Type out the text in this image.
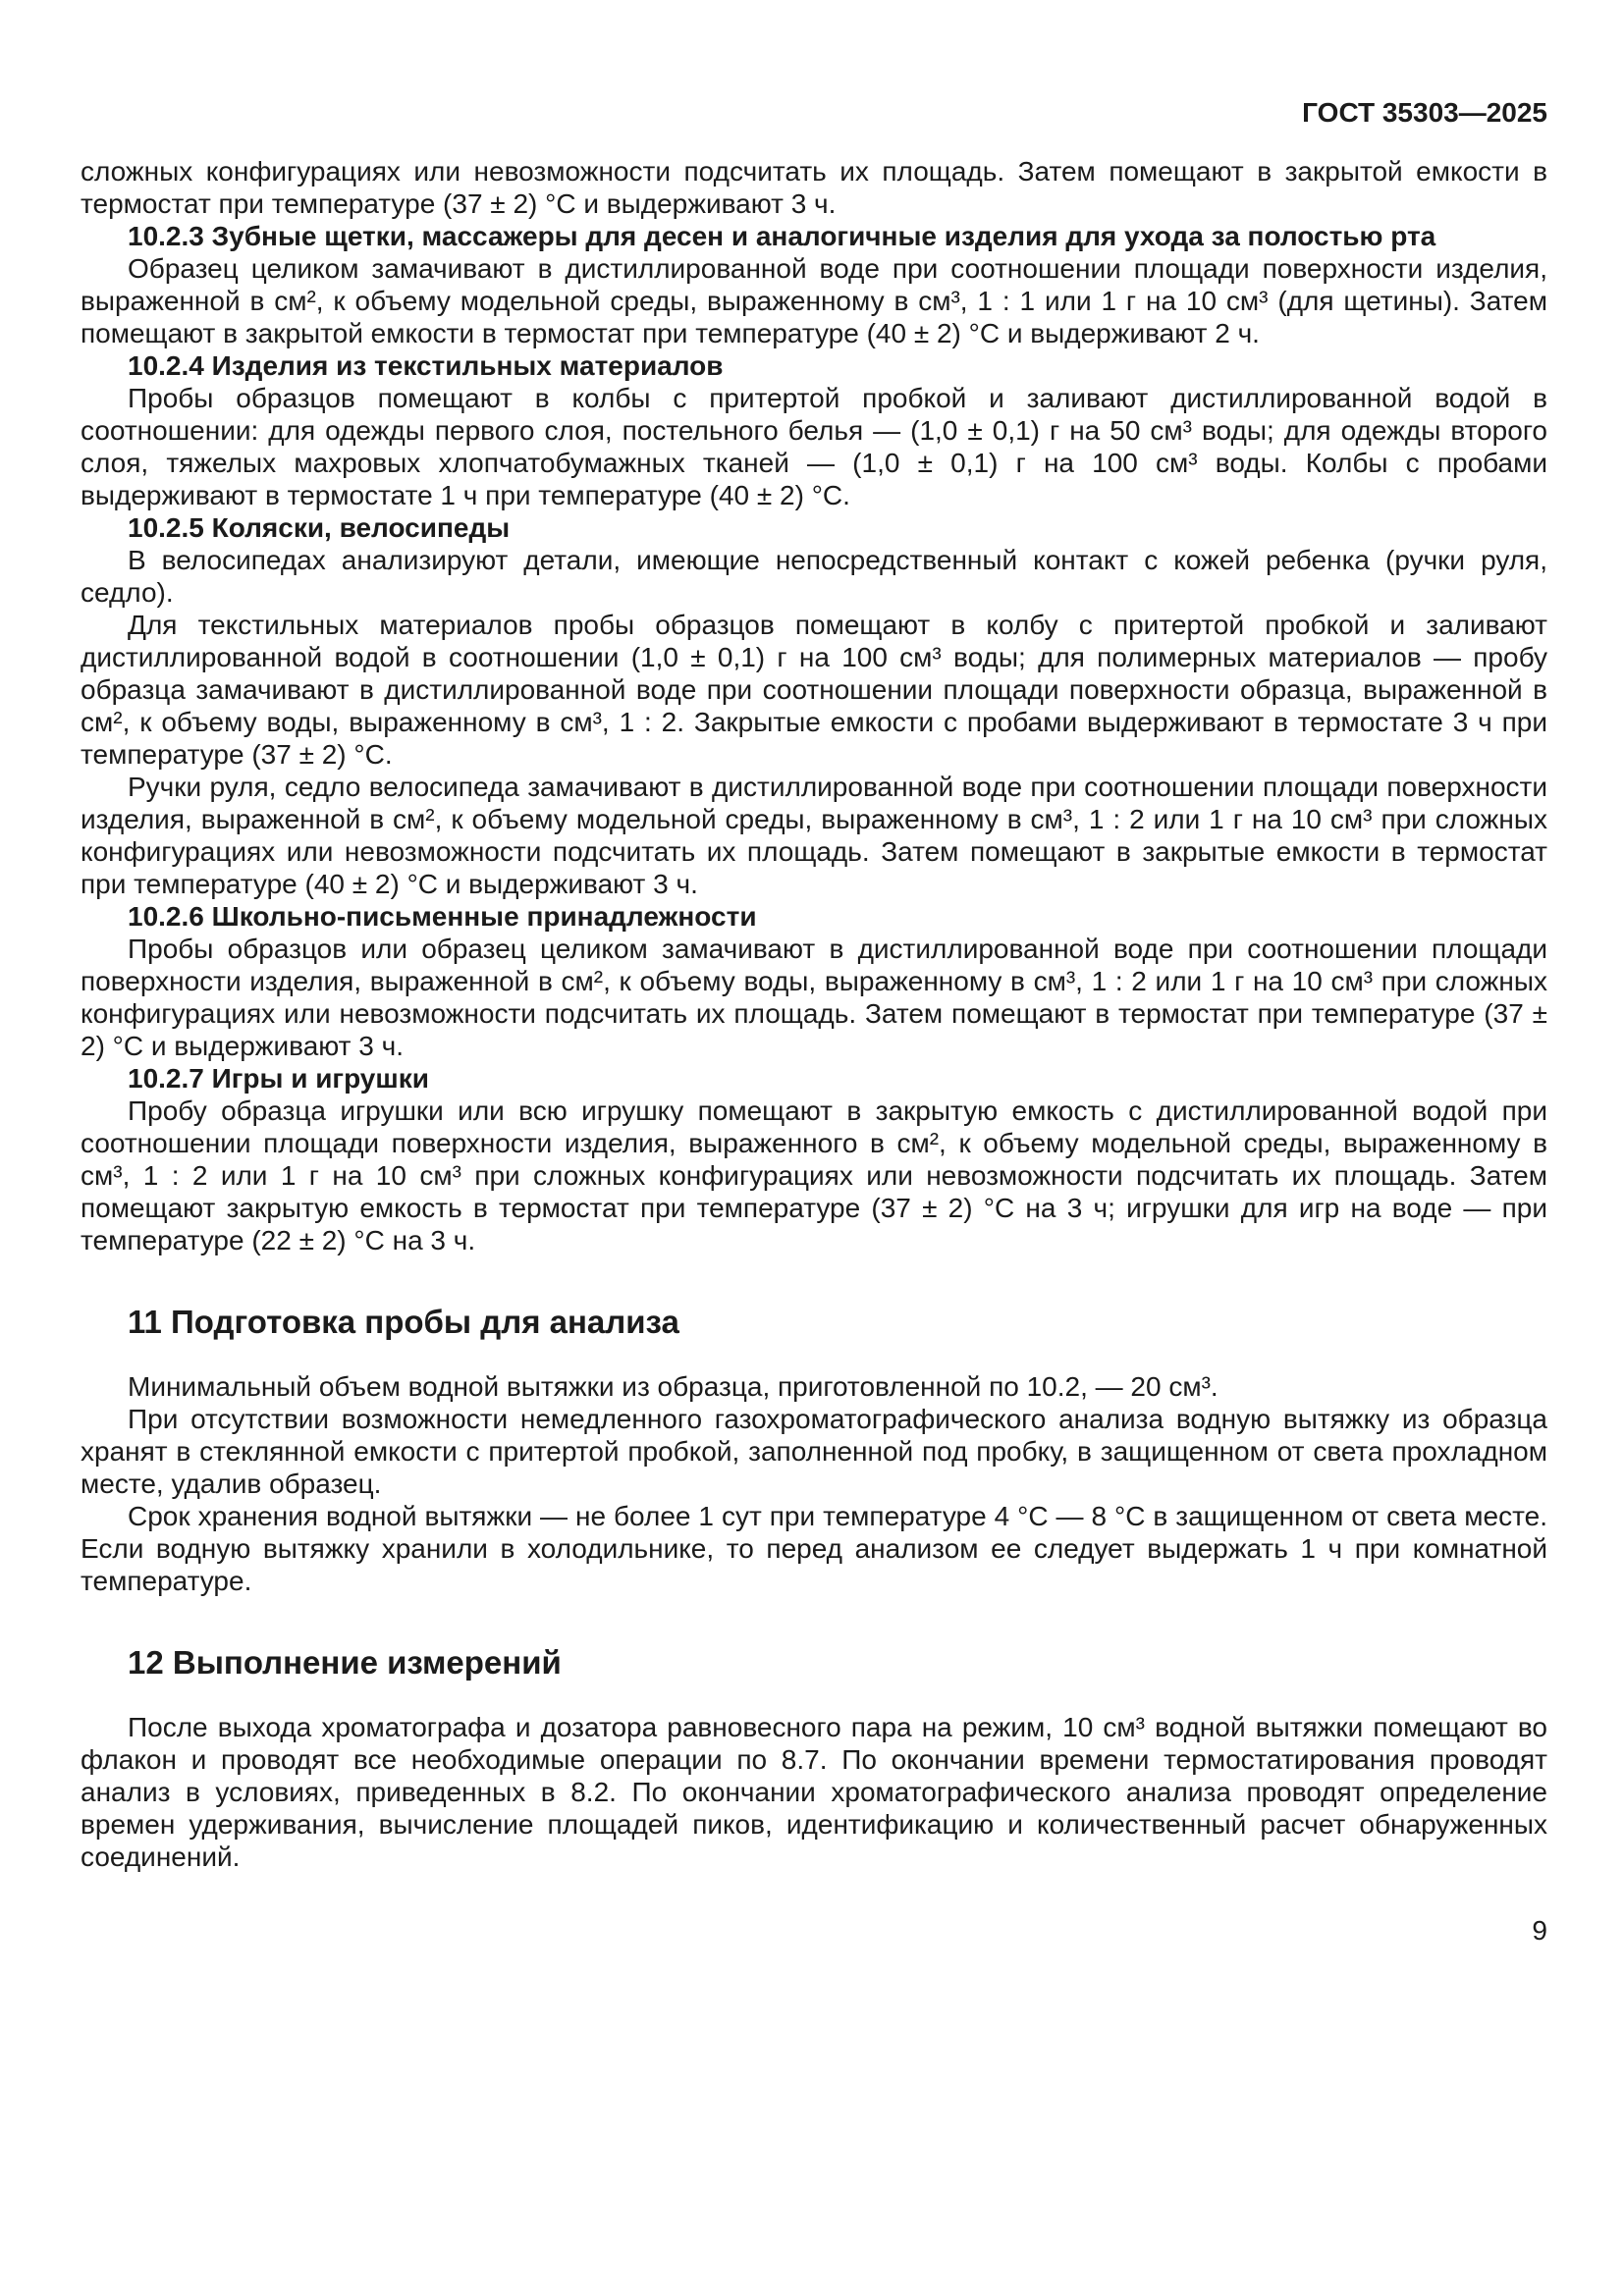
ГОСТ 35303—2025

сложных конфигурациях или невозможности подсчитать их площадь. Затем помещают в закрытой емкости в термостат при температуре (37 ± 2) °С и выдерживают 3 ч.

10.2.3 Зубные щетки, массажеры для десен и аналогичные изделия для ухода за полостью рта

Образец целиком замачивают в дистиллированной воде при соотношении площади поверхности изделия, выраженной в см², к объему модельной среды, выраженному в см³, 1 : 1 или 1 г на 10 см³ (для щетины). Затем помещают в закрытой емкости в термостат при температуре (40 ± 2) °С и выдерживают 2 ч.

10.2.4 Изделия из текстильных материалов

Пробы образцов помещают в колбы с притертой пробкой и заливают дистиллированной водой в соотношении: для одежды первого слоя, постельного белья — (1,0 ± 0,1) г на 50 см³ воды; для одежды второго слоя, тяжелых махровых хлопчатобумажных тканей — (1,0 ± 0,1) г на 100 см³ воды. Колбы с пробами выдерживают в термостате 1 ч при температуре (40 ± 2) °С.

10.2.5 Коляски, велосипеды

В велосипедах анализируют детали, имеющие непосредственный контакт с кожей ребенка (ручки руля, седло).

Для текстильных материалов пробы образцов помещают в колбу с притертой пробкой и заливают дистиллированной водой в соотношении (1,0 ± 0,1) г на 100 см³ воды; для полимерных материалов — пробу образца замачивают в дистиллированной воде при соотношении площади поверхности образца, выраженной в см², к объему воды, выраженному в см³, 1 : 2. Закрытые емкости с пробами выдерживают в термостате 3 ч при температуре (37 ± 2) °С.

Ручки руля, седло велосипеда замачивают в дистиллированной воде при соотношении площади поверхности изделия, выраженной в см², к объему модельной среды, выраженному в см³, 1 : 2 или 1 г на 10 см³ при сложных конфигурациях или невозможности подсчитать их площадь. Затем помещают в закрытые емкости в термостат при температуре (40 ± 2) °С и выдерживают 3 ч.

10.2.6 Школьно-письменные принадлежности

Пробы образцов или образец целиком замачивают в дистиллированной воде при соотношении площади поверхности изделия, выраженной в см², к объему воды, выраженному в см³, 1 : 2 или 1 г на 10 см³ при сложных конфигурациях или невозможности подсчитать их площадь. Затем помещают в термостат при температуре (37 ± 2) °С и выдерживают 3 ч.

10.2.7 Игры и игрушки

Пробу образца игрушки или всю игрушку помещают в закрытую емкость с дистиллированной водой при соотношении площади поверхности изделия, выраженного в см², к объему модельной среды, выраженному в см³, 1 : 2 или 1 г на 10 см³ при сложных конфигурациях или невозможности подсчитать их площадь. Затем помещают закрытую емкость в термостат при температуре (37 ± 2) °С на 3 ч; игрушки для игр на воде — при температуре (22 ± 2) °С на 3 ч.

11 Подготовка пробы для анализа

Минимальный объем водной вытяжки из образца, приготовленной по 10.2, — 20 см³.

При отсутствии возможности немедленного газохроматографического анализа водную вытяжку из образца хранят в стеклянной емкости с притертой пробкой, заполненной под пробку, в защищенном от света прохладном месте, удалив образец.

Срок хранения водной вытяжки — не более 1 сут при температуре 4 °С — 8 °С в защищенном от света месте. Если водную вытяжку хранили в холодильнике, то перед анализом ее следует выдержать 1 ч при комнатной температуре.

12 Выполнение измерений

После выхода хроматографа и дозатора равновесного пара на режим, 10 см³ водной вытяжки помещают во флакон и проводят все необходимые операции по 8.7. По окончании времени термостатирования проводят анализ в условиях, приведенных в 8.2. По окончании хроматографического анализа проводят определение времен удерживания, вычисление площадей пиков, идентификацию и количественный расчет обнаруженных соединений.

9
